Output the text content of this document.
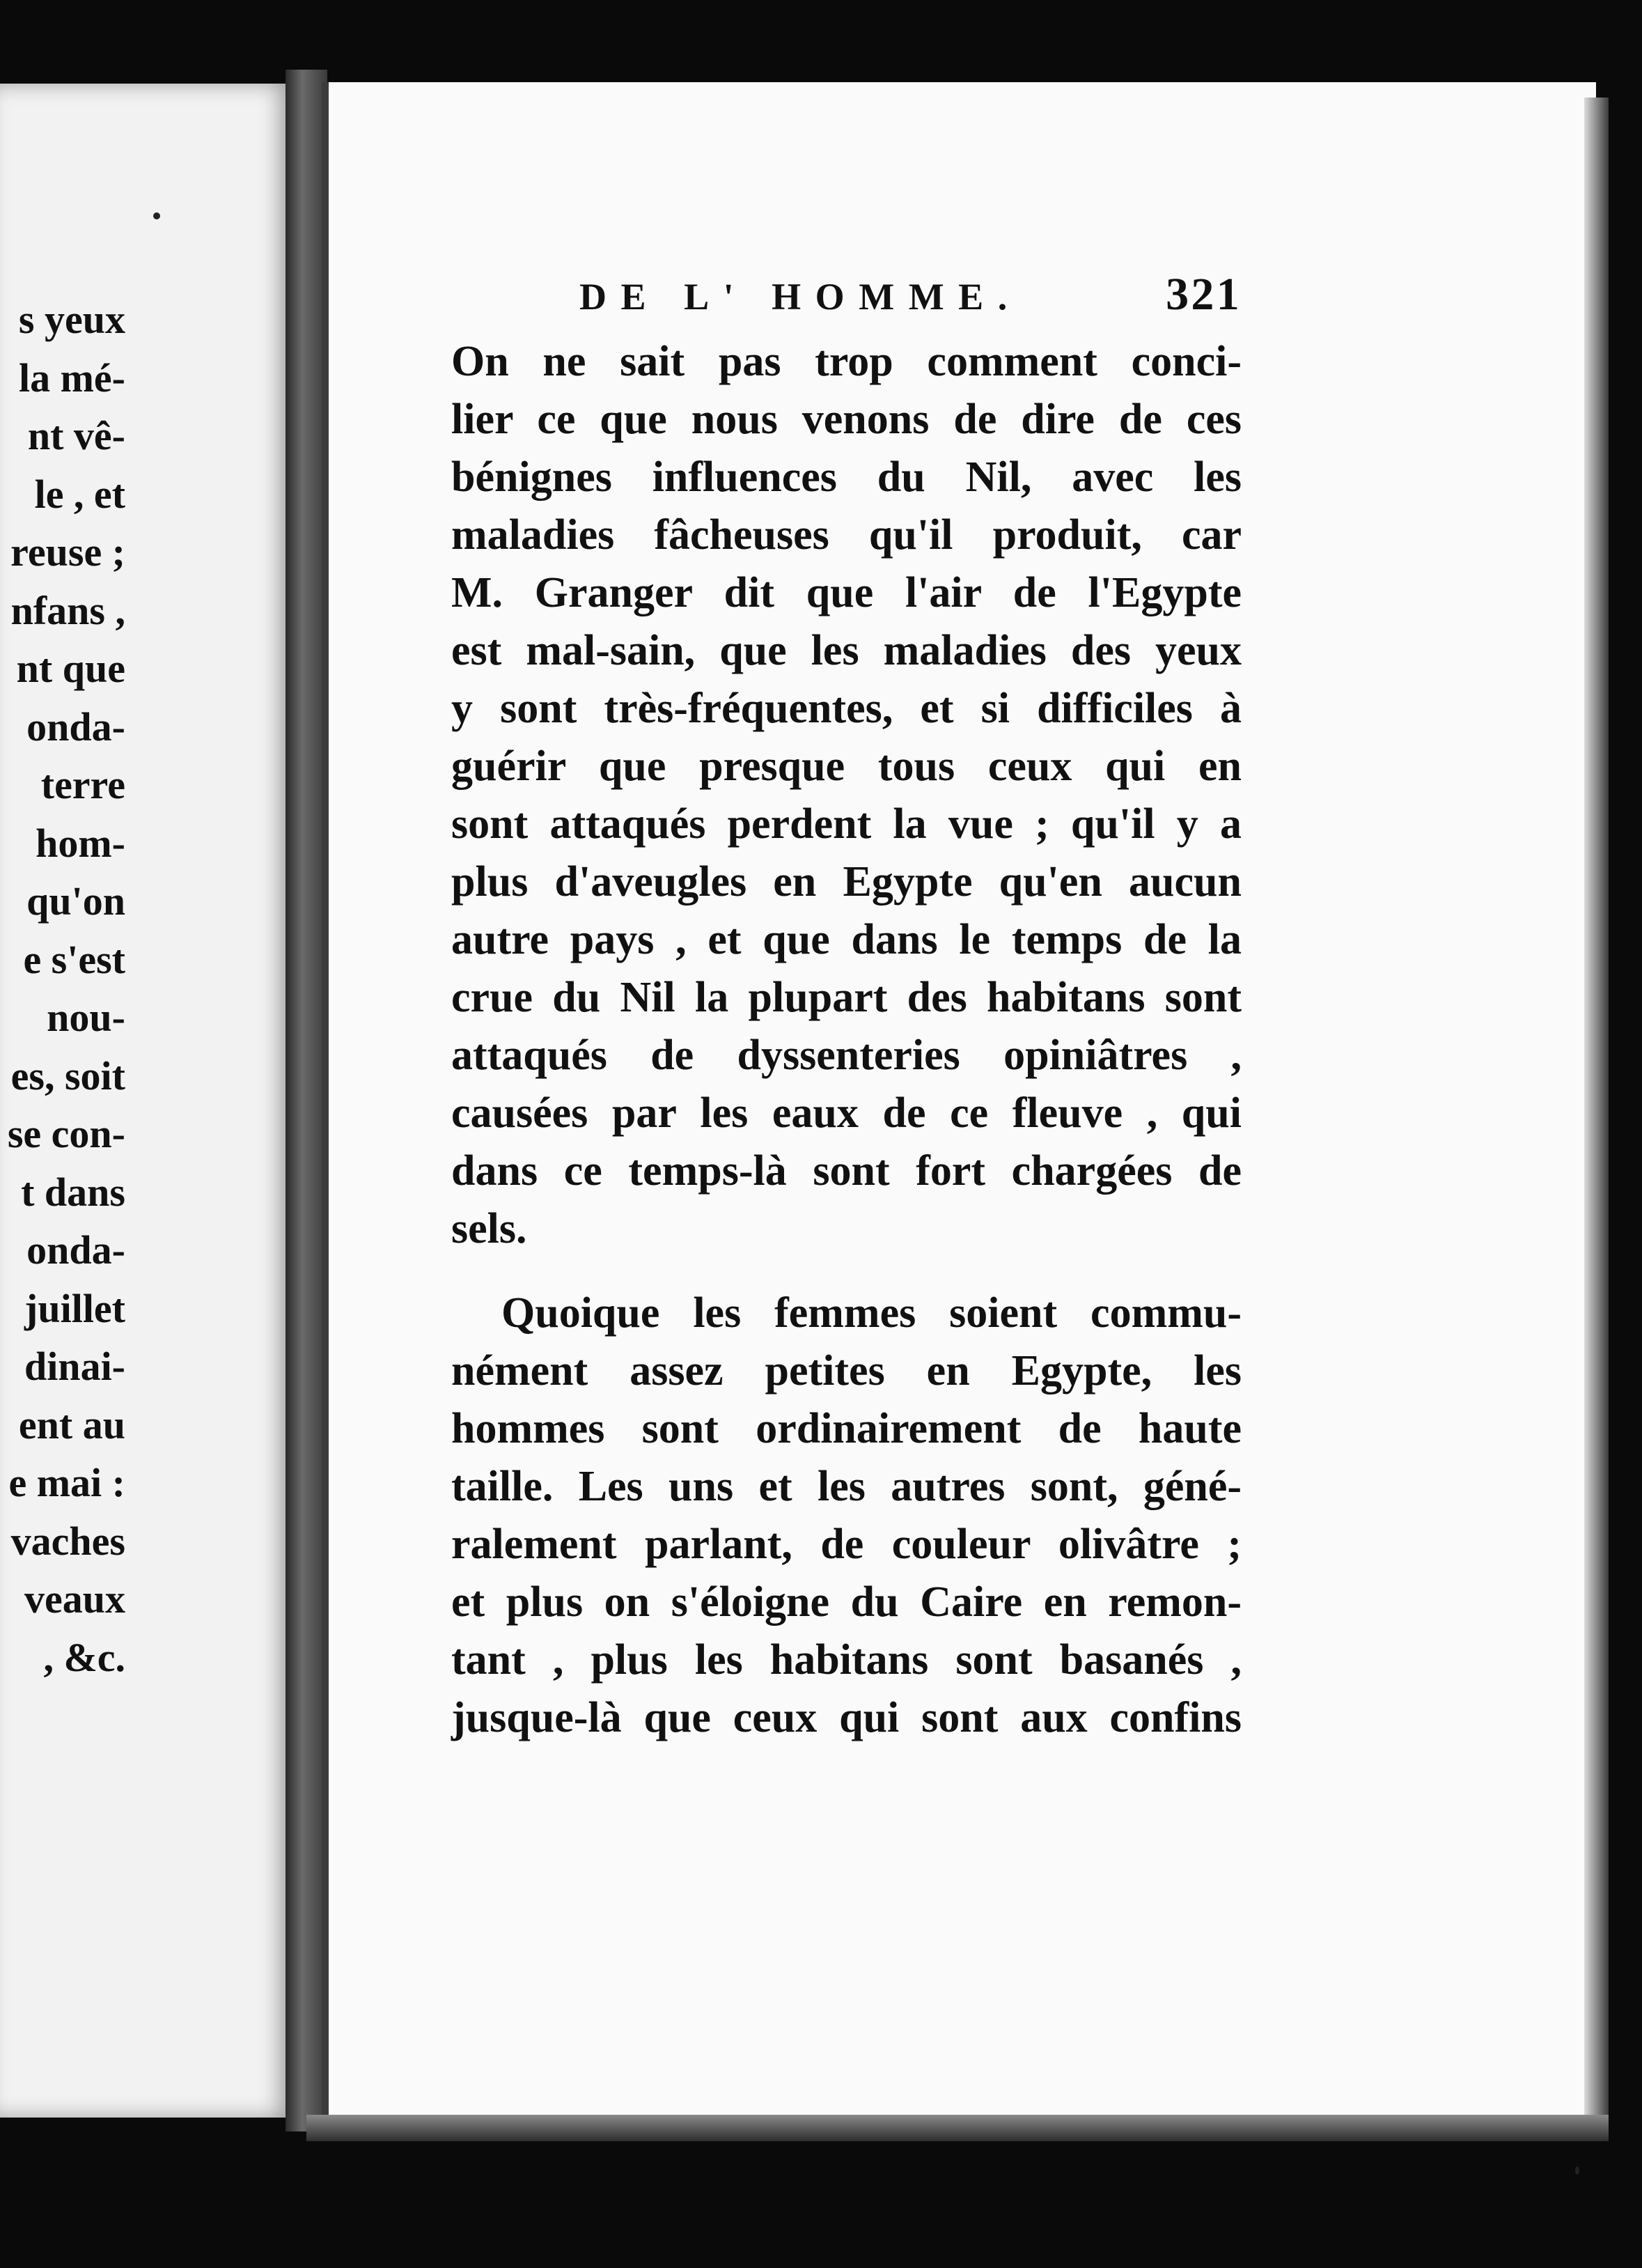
s yeux
la mé-
nt vê-
le , et
reuse ;
nfans ,
nt que
onda-
terre
hom-
qu'on
e s'est
nou-
es, soit
se con-
t dans
onda-
juillet
dinai-
ent au
e mai :
vaches
veaux
, &c.
DE L' HOMME.	321
On ne sait pas trop comment conci-
lier ce que nous venons de dire de ces
bénignes influences du Nil, avec les
maladies fâcheuses qu'il produit, car
M. Granger dit que l'air de l'Egypte
est mal-sain, que les maladies des yeux
y sont très-fréquentes, et si difficiles à
guérir que presque tous ceux qui en
sont attaqués perdent la vue ; qu'il y a
plus d'aveugles en Egypte qu'en aucun
autre pays , et que dans le temps de la
crue du Nil la plupart des habitans sont
attaqués de dyssenteries opiniâtres ,
causées par les eaux de ce fleuve , qui
dans ce temps-là sont fort chargées de
sels.
Quoique les femmes soient commu-
nément assez petites en Egypte, les
hommes sont ordinairement de haute
taille. Les uns et les autres sont, géné-
ralement parlant, de couleur olivâtre ;
et plus on s'éloigne du Caire en remon-
tant , plus les habitans sont basanés ,
jusque-là que ceux qui sont aux confins
